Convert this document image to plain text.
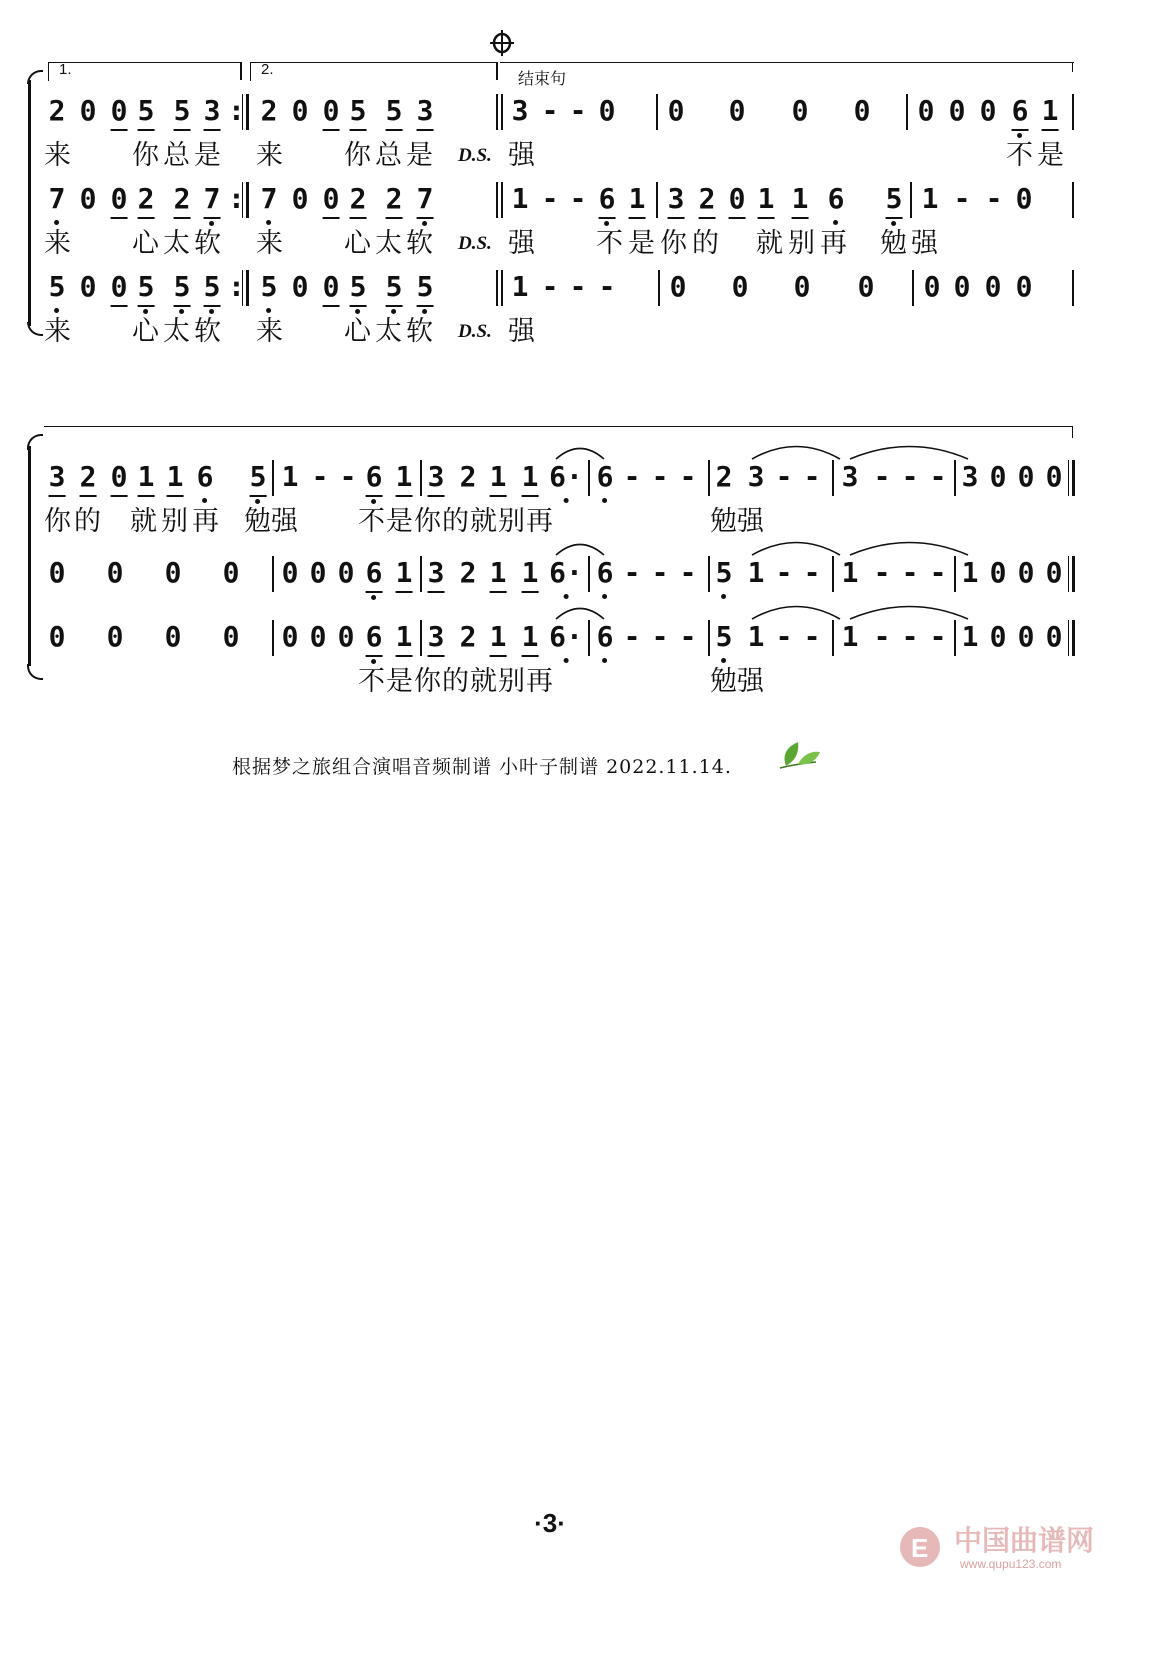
1.	2.
结束句
2 0 0 5 5 3 : 2 0 0 5 5 3	3 - - 0 0 0 0 0 0 0 0 6 1
来 你总是 来 你总是 D.S. 强	不是
7 0 0 2 2 7 : 7 0 0 2 2 7	1 - - 6 1 3 2 0 1 1 6 5 1 - - 0
来 心太软 来 心太软 D.S. 强 不是你的 就别再 勉强
5 0 0 5 5 5 : 5 0 0 5 5 5	1 - - - 0 0 0 0 0 0 0 0
来 心太软 来 心太软 D.S. 强
3 2 0 1 1 6 5 1 - - 6 1 3 2 1 1 6· 6 - - - 2 3 - - 3 - - - 3 0 0 0
你的 就别再 勉强 不是你的就别再	勉强
0 0 0 0 0 0 0 6 1 3 2 1 1 6· 6 - - - 5 1 - - 1 - - - 1 0 0 0
0 0 0 0 0 0 0 6 1 3 2 1 1 6· 6 - - - 5 1 - - 1 - - - 1 0 0 0
不是你的就别再	勉强
根据梦之旅组合演唱音频制谱 小叶子制谱 2022.11.14.
·3·
E 中国曲谱网
www.qupu123.com
